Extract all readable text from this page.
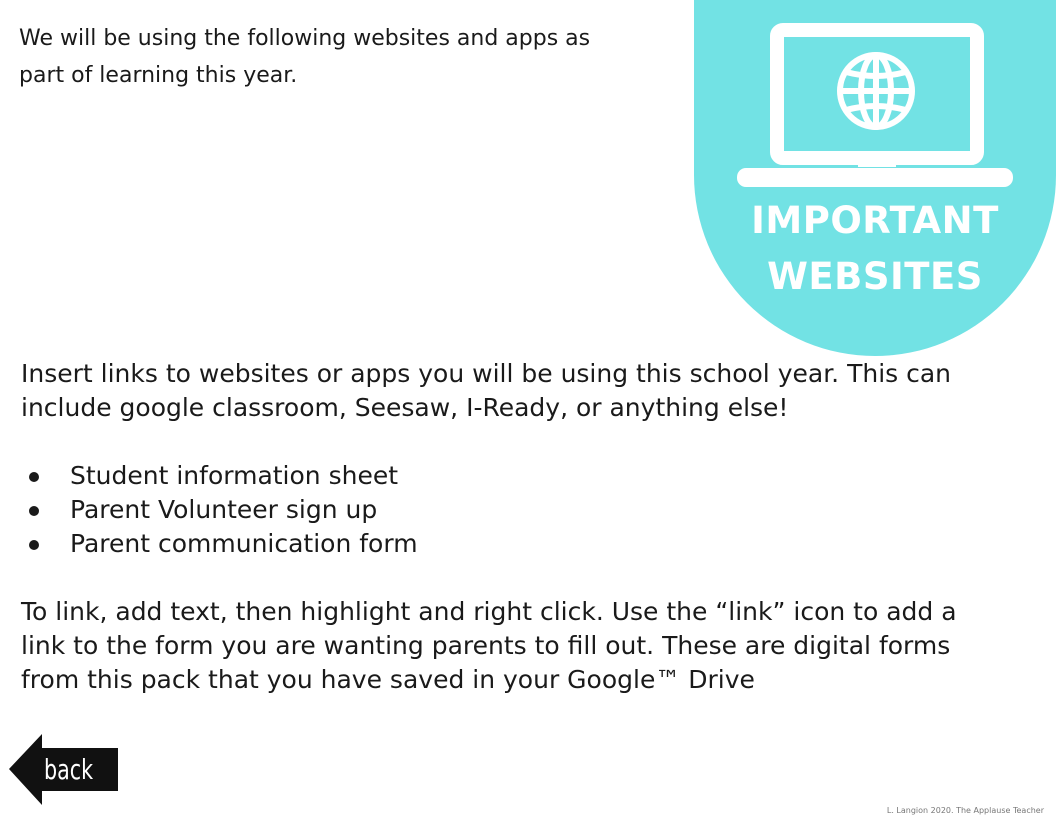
We will be using the following websites and apps as
part of learning this year.

IMPORTANT

WEBSITES

Insert links to websites or apps you will be using this school year. This can
include google classroom, Seesaw, I-Ready, or anything else!

Student information sheet
Parent Volunteer sign up
Parent communication form

To link, add text, then highlight and right click. Use the “link” icon to add a
link to the form you are wanting parents to fill out. These are digital forms
from this pack that you have saved in your Google™ Drive

back
L. Langion 2020. The Applause Teacher
